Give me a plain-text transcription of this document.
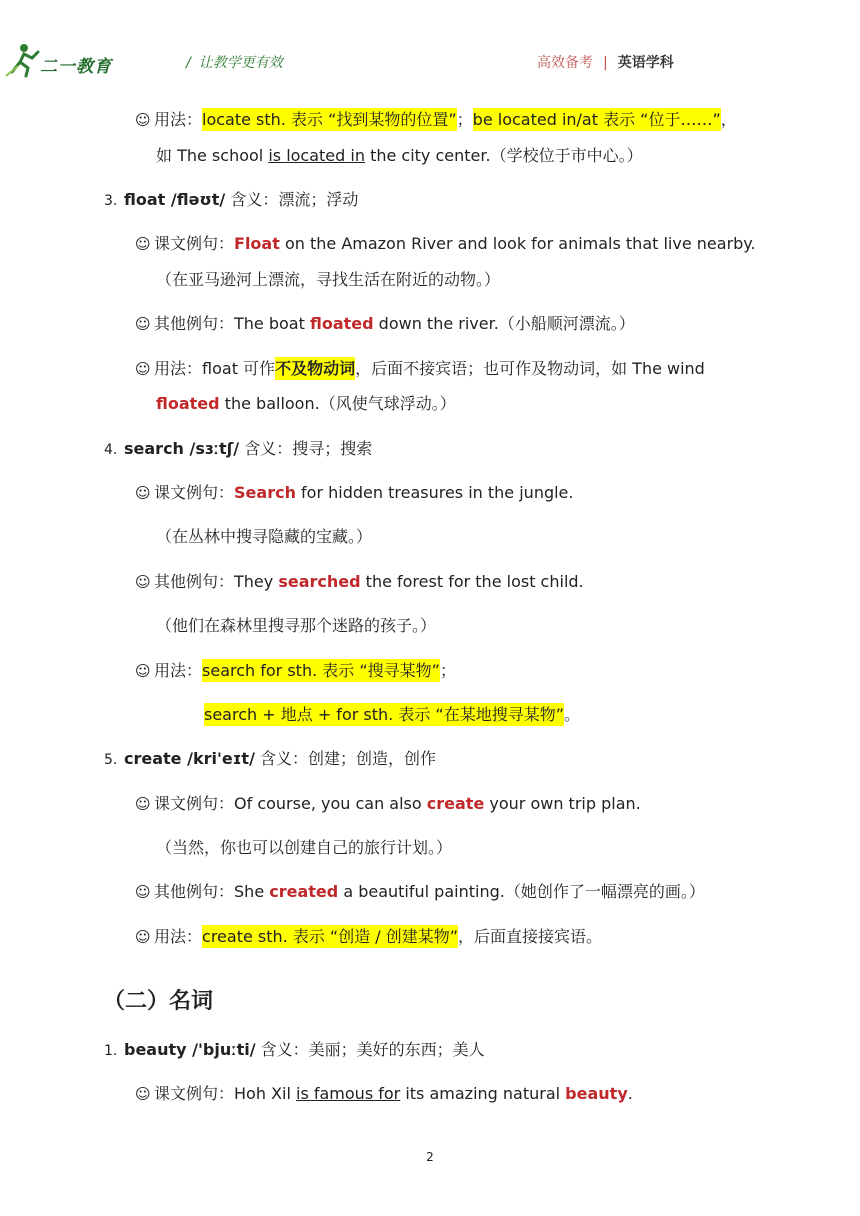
二一教育	/ 让教学更有效	高效备考 | 英语学科
☺ 用法：locate sth. 表示 “找到某物的位置”；be located in/at 表示 “位于……”，
如 The school is located in the city center.（学校位于市中心。）
3. float /fləʊt/ 含义：漂流；浮动
☺ 课文例句：Float on the Amazon River and look for animals that live nearby.
（在亚马逊河上漂流，寻找生活在附近的动物。）
☺ 其他例句：The boat floated down the river.（小船顺河漂流。）
☺ 用法：float 可作不及物动词，后面不接宾语；也可作及物动词，如 The wind
floated the balloon.（风使气球浮动。）
4. search /sɜːtʃ/ 含义：搜寻；搜索
☺ 课文例句：Search for hidden treasures in the jungle.
（在丛林中搜寻隐藏的宝藏。）
☺ 其他例句：They searched the forest for the lost child.
（他们在森林里搜寻那个迷路的孩子。）
☺ 用法：search for sth. 表示 “搜寻某物”；
search + 地点 + for sth. 表示 “在某地搜寻某物”。
5. create /kri'eɪt/ 含义：创建；创造，创作
☺ 课文例句：Of course, you can also create your own trip plan.
（当然，你也可以创建自己的旅行计划。）
☺ 其他例句：She created a beautiful painting.（她创作了一幅漂亮的画。）
☺ 用法：create sth. 表示 “创造 / 创建某物”，后面直接接宾语。
（二）名词
1. beauty /'bjuːti/ 含义：美丽；美好的东西；美人
☺ 课文例句：Hoh Xil is famous for its amazing natural beauty.
2
